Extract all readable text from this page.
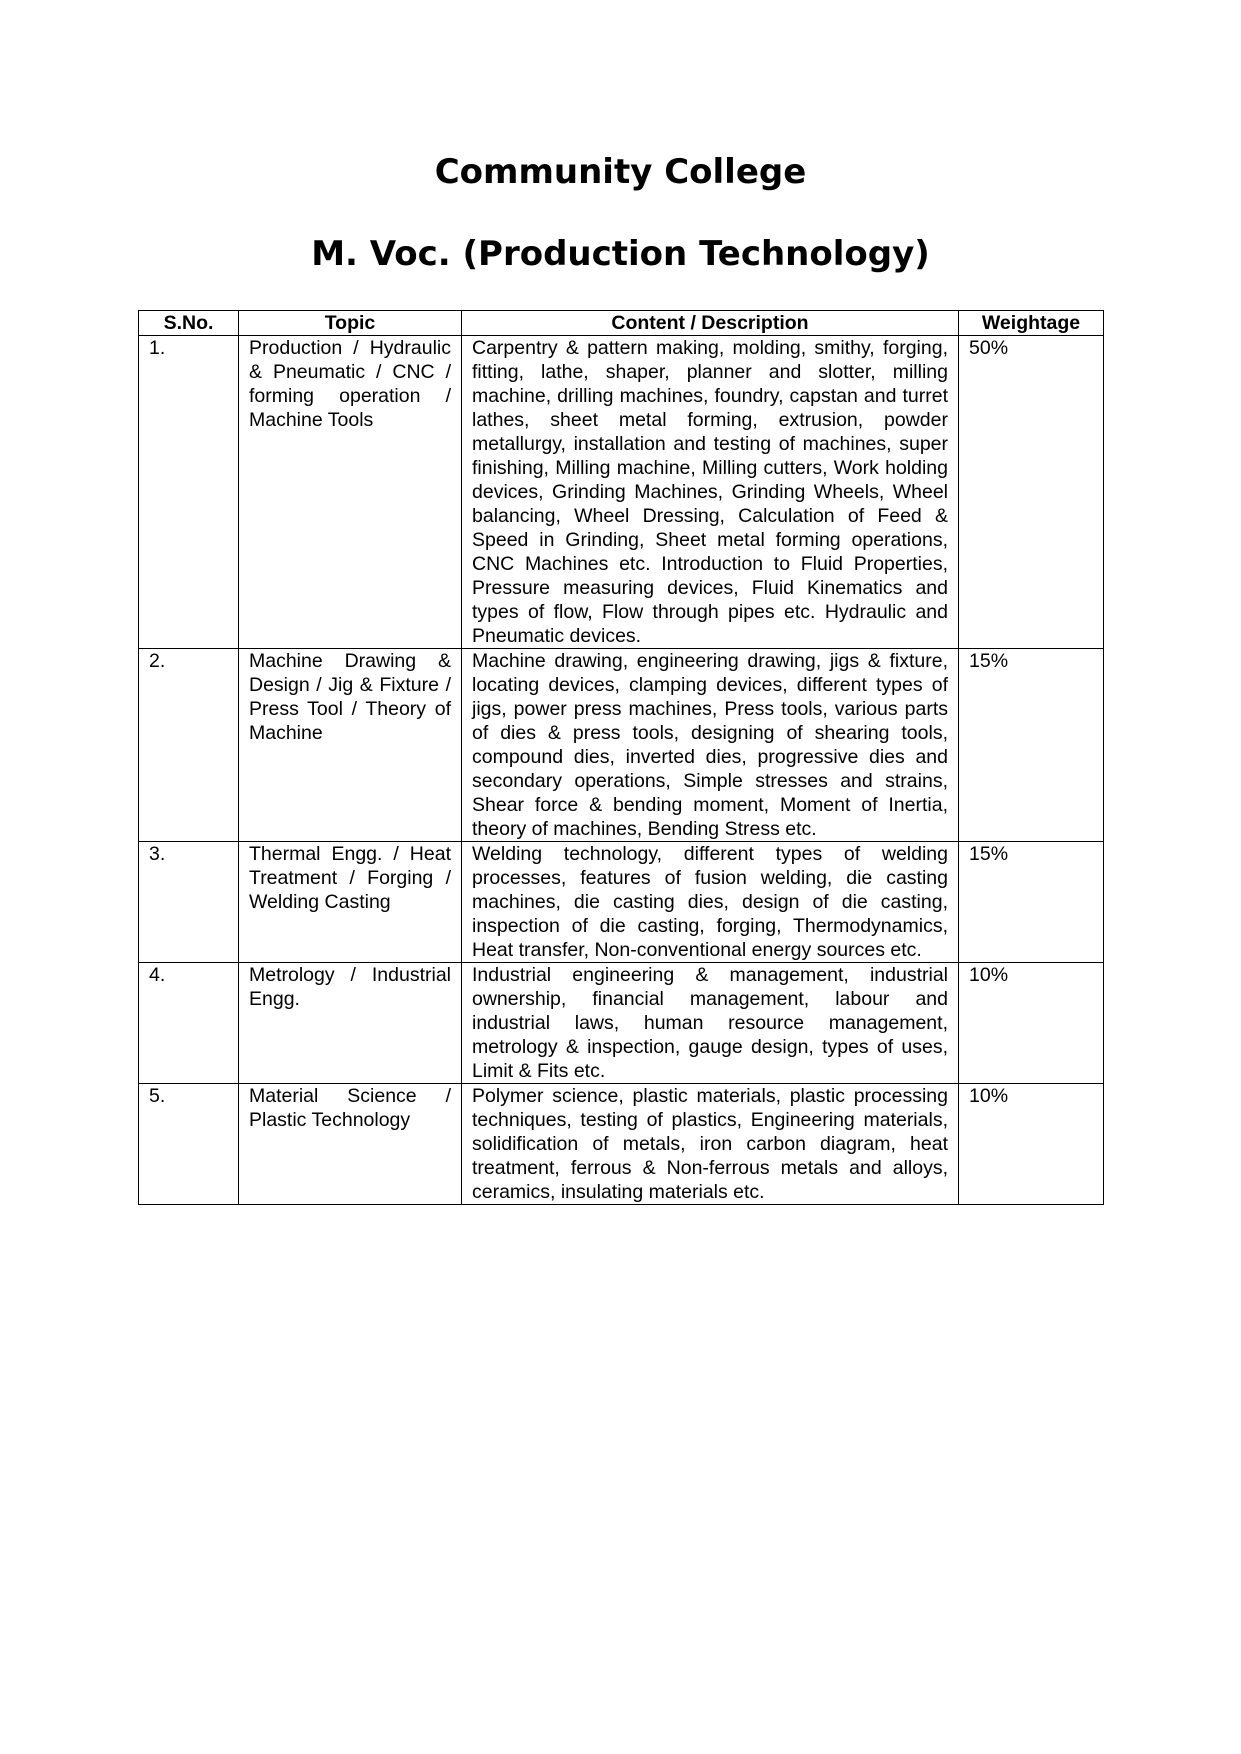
Community College
M. Voc. (Production Technology)
S.No.	Topic	Content / Description	Weightage
1.	Production / Hydraulic & Pneumatic / CNC / forming operation / Machine Tools	Carpentry & pattern making, molding, smithy, forging, fitting, lathe, shaper, planner and slotter, milling machine, drilling machines, foundry, capstan and turret lathes, sheet metal forming, extrusion, powder metallurgy, installation and testing of machines, super finishing, Milling machine, Milling cutters, Work holding devices, Grinding Machines, Grinding Wheels, Wheel balancing, Wheel Dressing, Calculation of Feed & Speed in Grinding, Sheet metal forming operations, CNC Machines etc. Introduction to Fluid Properties, Pressure measuring devices, Fluid Kinematics and types of flow, Flow through pipes etc. Hydraulic and Pneumatic devices.	50%
2.	Machine Drawing & Design / Jig & Fixture / Press Tool / Theory of Machine	Machine drawing, engineering drawing, jigs & fixture, locating devices, clamping devices, different types of jigs, power press machines, Press tools, various parts of dies & press tools, designing of shearing tools, compound dies, inverted dies, progressive dies and secondary operations, Simple stresses and strains, Shear force & bending moment, Moment of Inertia, theory of machines, Bending Stress etc.	15%
3.	Thermal Engg. / Heat Treatment / Forging / Welding Casting	Welding technology, different types of welding processes, features of fusion welding, die casting machines, die casting dies, design of die casting, inspection of die casting, forging, Thermodynamics, Heat transfer, Non-conventional energy sources etc.	15%
4.	Metrology / Industrial Engg.	Industrial engineering & management, industrial ownership, financial management, labour and industrial laws, human resource management, metrology & inspection, gauge design, types of uses, Limit & Fits etc.	10%
5.	Material Science / Plastic Technology	Polymer science, plastic materials, plastic processing techniques, testing of plastics, Engineering materials, solidification of metals, iron carbon diagram, heat treatment, ferrous & Non-ferrous metals and alloys, ceramics, insulating materials etc.	10%
